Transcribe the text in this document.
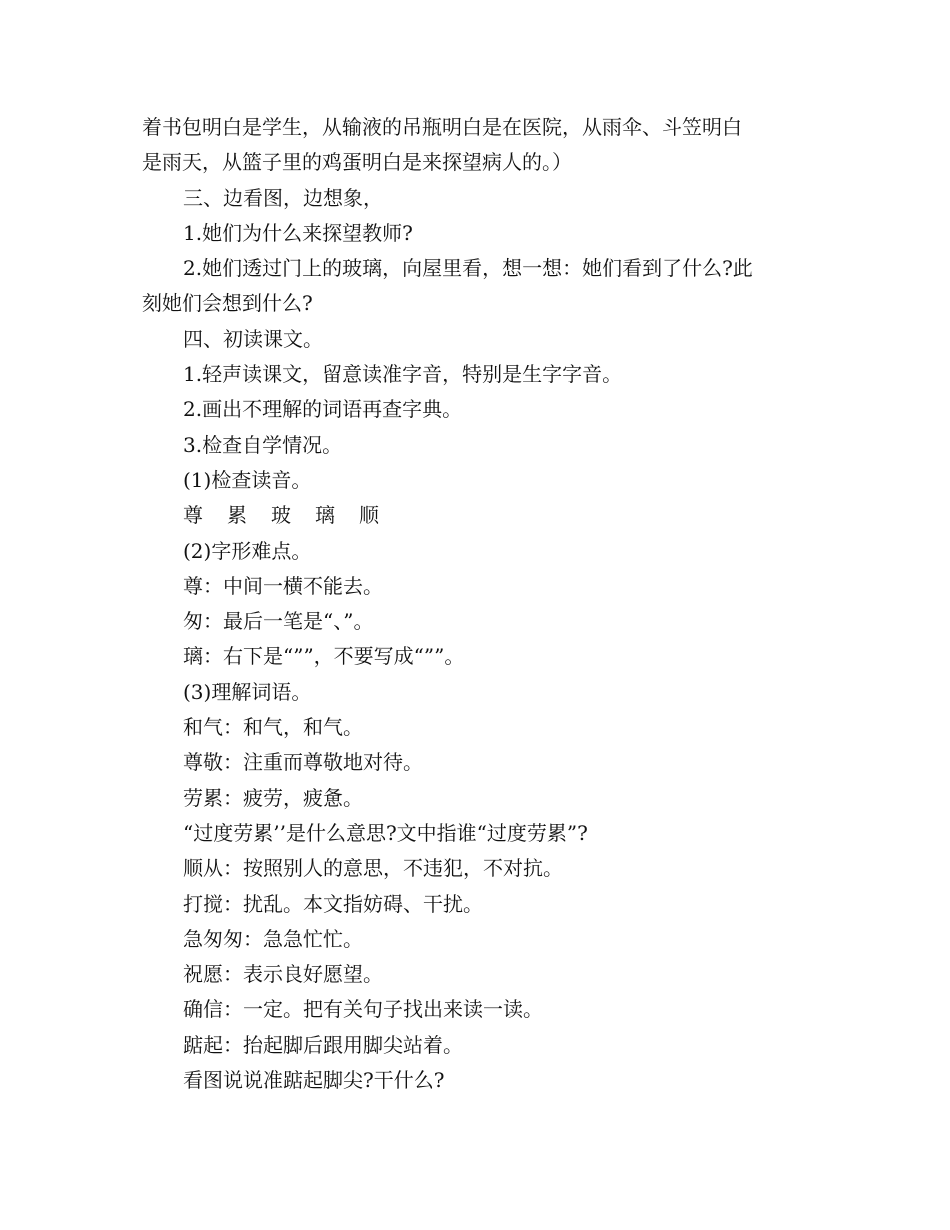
着书包明白是学生，从输液的吊瓶明白是在医院，从雨伞、斗笠明白

是雨天，从篮子里的鸡蛋明白是来探望病人的。）

三、边看图，边想象，

1.她们为什么来探望教师?

2.她们透过门上的玻璃，向屋里看，想一想：她们看到了什么?此

刻她们会想到什么?

四、初读课文。

1.轻声读课文，留意读准字音，特别是生字字音。

2.画出不理解的词语再查字典。

3.检查自学情况。

(1)检查读音。

尊 累 玻 璃 顺

(2)字形难点。

尊：中间一横不能去。

匆：最后一笔是“、”。

璃：右下是“””，不要写成“””。

(3)理解词语。

和气：和气，和气。

尊敬：注重而尊敬地对待。

劳累：疲劳，疲惫。

“过度劳累’’是什么意思?文中指谁“过度劳累”?

顺从：按照别人的意思，不违犯，不对抗。

打搅：扰乱。本文指妨碍、干扰。

急匆匆：急急忙忙。

祝愿：表示良好愿望。

确信：一定。把有关句子找出来读一读。

踮起：抬起脚后跟用脚尖站着。

看图说说准踮起脚尖?干什么?
